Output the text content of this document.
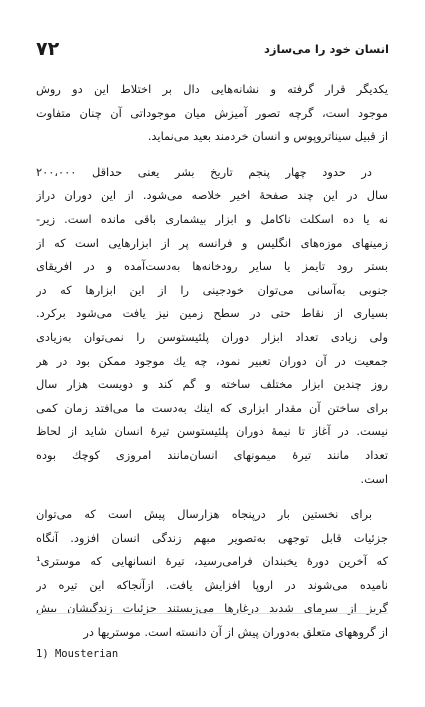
۷۲	انسان خود را می‌سازد
یکدیگر قرار گرفته و نشانه‌هایی دال بر اختلاط این دو روش
موجود است، گرچه تصور آمیزش میان موجوداتی آن چنان متفاوت
از قبیل سیناتروپوس و انسان خردمند بعید می‌نماید.
در حدود چهار پنجم تاریخ بشر یعنی حداقل ۲۰۰،۰۰۰
سال در این چند صفحهٔ اخیر خلاصه می‌شود. از این دوران دراز
نه یا ده اسکلت ناکامل و ابزار بیشماری باقی مانده است. زیر-
زمینهای موزه‌های انگلیس و فرانسه پر از ابزارهایی است که از
بستر رود تایمز یا سایر رودخانه‌ها به‌دست‌آمده و در افریقای
جنوبی به‌آسانی می‌توان خودجینی را از این ابزارها که در
بسیاری از نقاط حتی در سطح زمین نیز یافت می‌شود برکرد.
ولی زیادی تعداد ابزار دوران پلئیستوسن را نمی‌توان به‌زیادی
جمعیت در آن دوران تعبیر نمود، چه یك موجود ممکن بود در هر
روز چندین ابزار مختلف ساخته و گم کند و دویست هزار سال
برای ساختن آن مقدار ابزاری که اینك به‌دست ما می‌افتد زمان کمی
نیست. در آغاز تا نیمهٔ دوران پلئیستوسن تیرهٔ انسان شاید از لحاظ
تعداد مانند تیرهٔ میمونهای انسان‌مانند امروزی کوچك بوده
است.
برای نخستین بار درپنجاه هزارسال پیش است که می‌توان
جزئیات قابل توجهی به‌تصویر مبهم زندگی انسان افزود. آنگاه
که آخرین دورهٔ یخبندان فرامی‌رسید، تیرهٔ انسانهایی که موستری¹
نامیده می‌شوند در اروپا افزایش یافت. ازآنجاکه این تیره در
گریز از سرمای شدید درغارها می‌زیستند جزئیات زندگیشان بیش
از گروههای متعلق به‌دوران پیش از آن دانسته است. موستریها در
1) Mousterian
